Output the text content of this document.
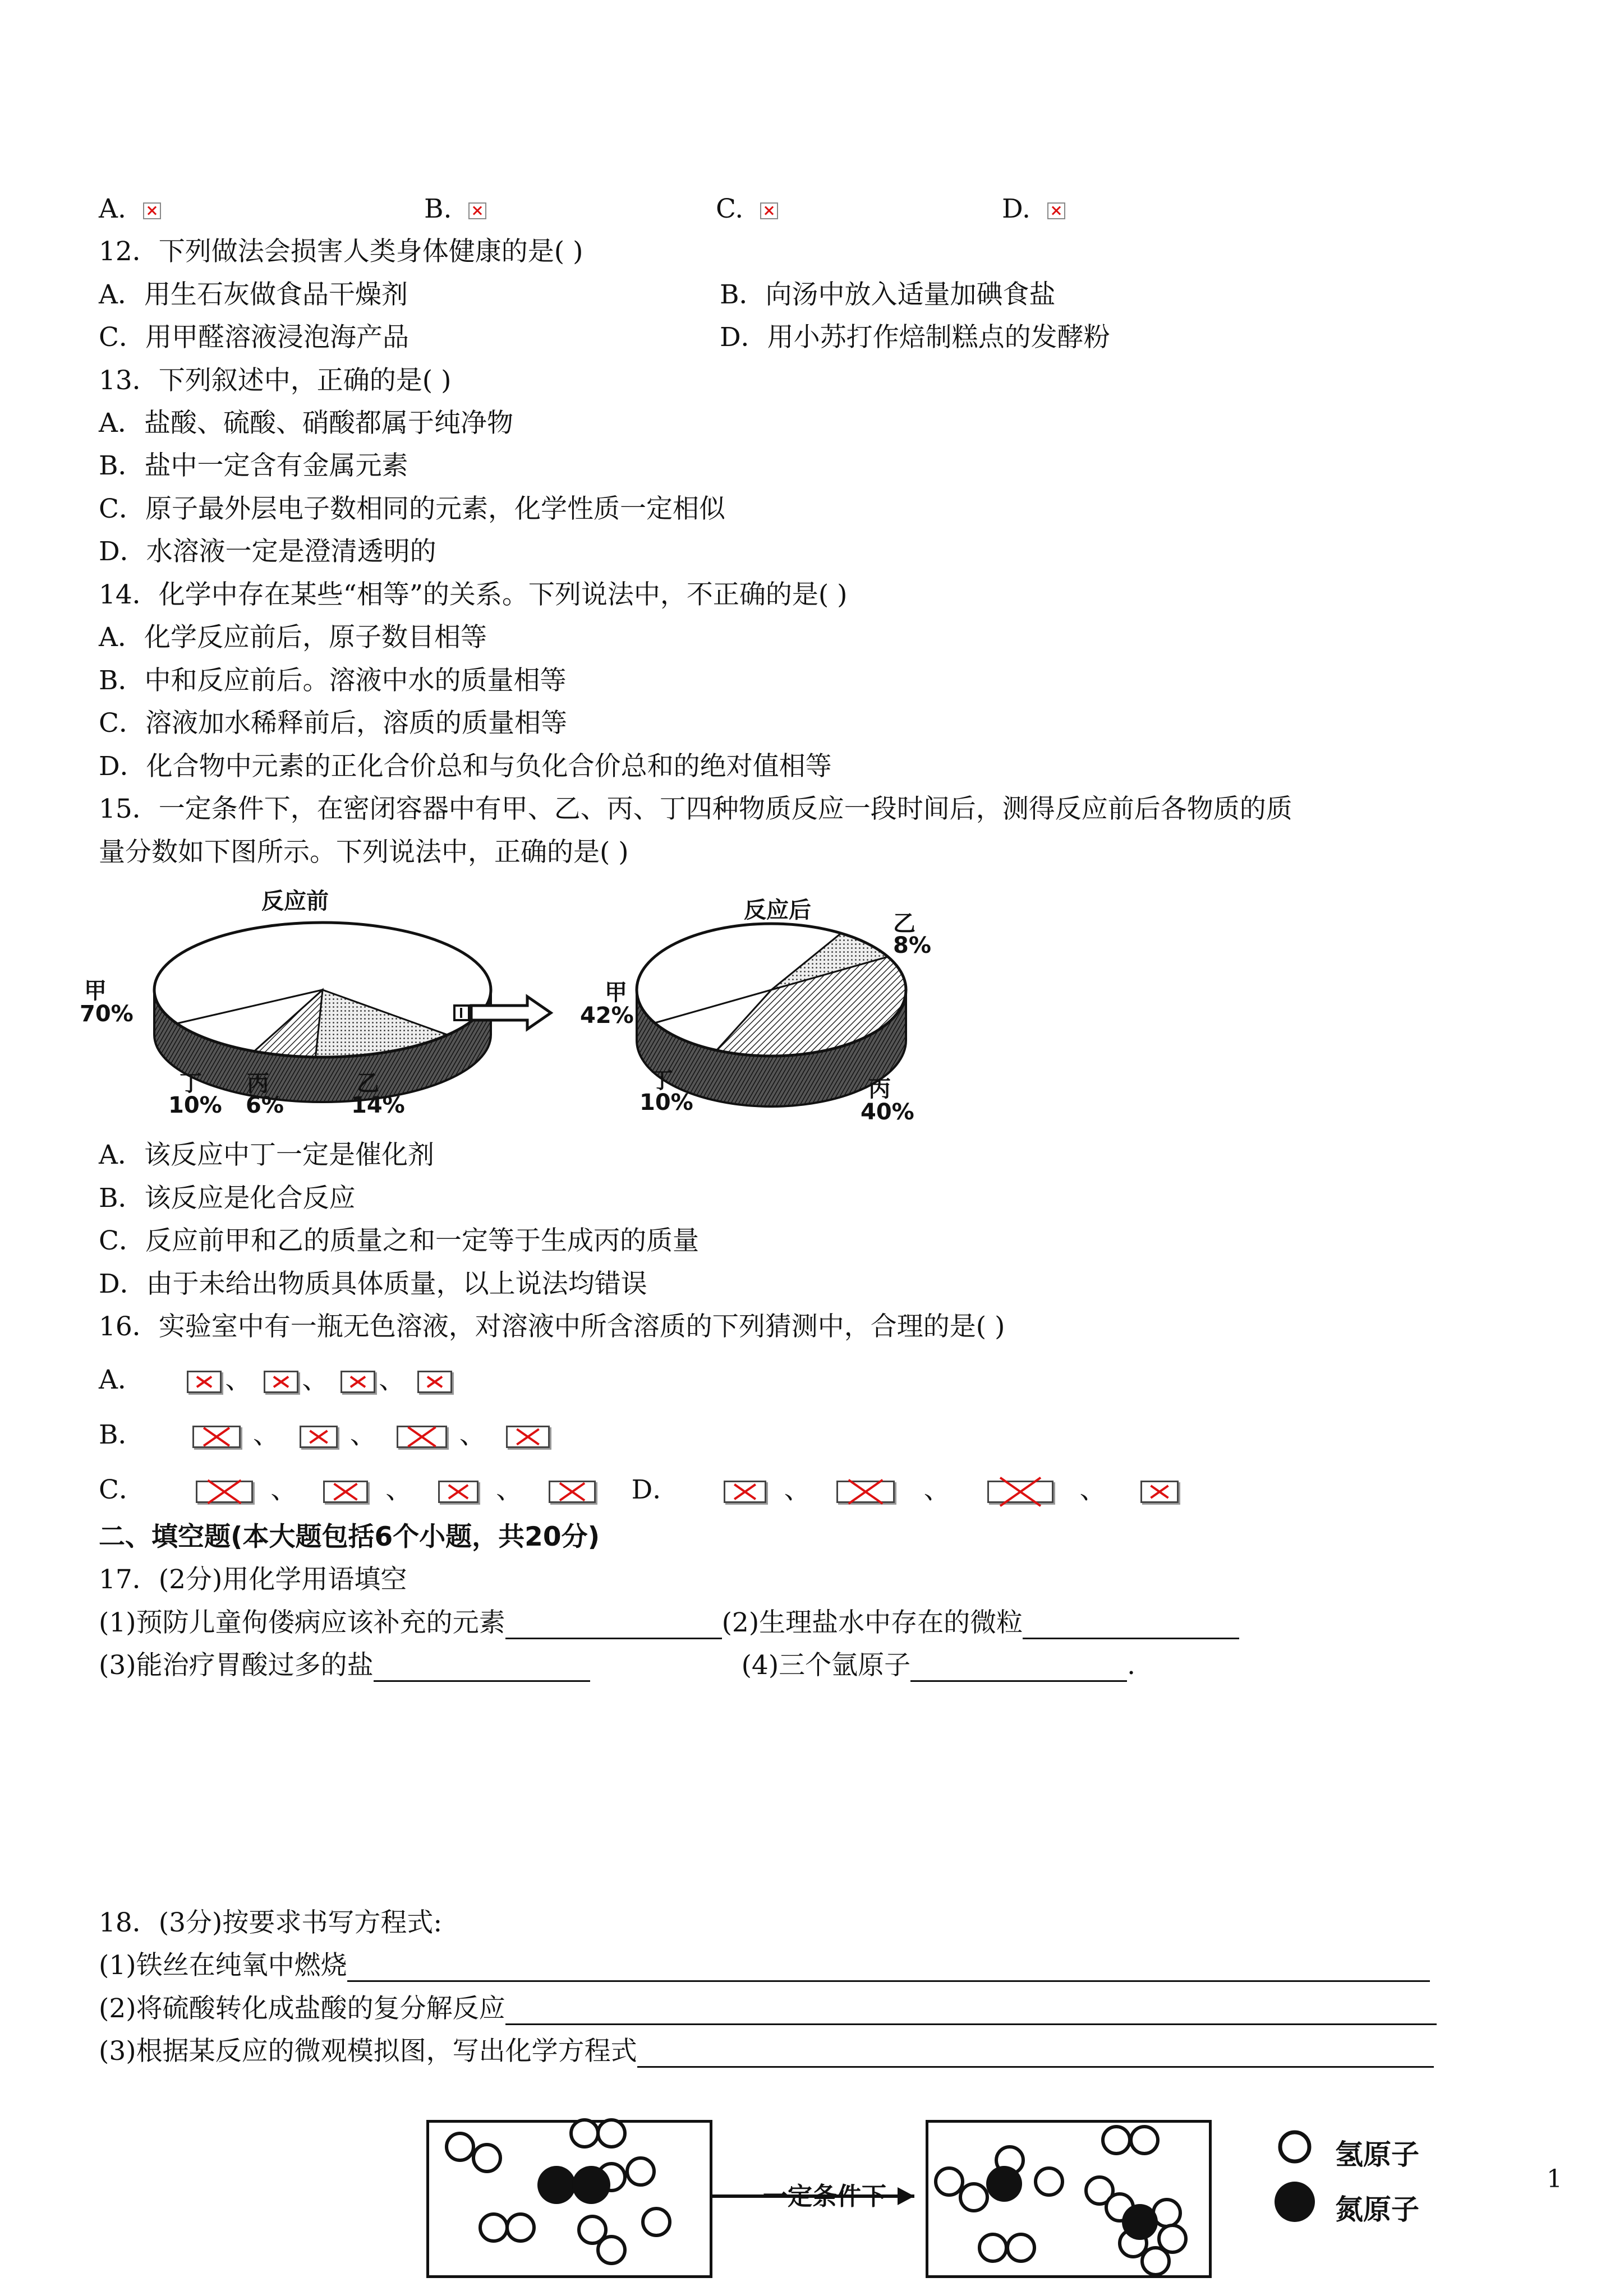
A.	B.	C.	D.
12．下列做法会损害人类身体健康的是( )
A．用生石灰做食品干燥剂	B．向汤中放入适量加碘食盐
C．用甲醛溶液浸泡海产品	D．用小苏打作焙制糕点的发酵粉
13．下列叙述中，正确的是( )
A．盐酸、硫酸、硝酸都属于纯净物
B．盐中一定含有金属元素
C．原子最外层电子数相同的元素，化学性质一定相似
D．水溶液一定是澄清透明的
14．化学中存在某些“相等”的关系。下列说法中，不正确的是( )
A．化学反应前后，原子数目相等
B．中和反应前后。溶液中水的质量相等
C．溶液加水稀释前后，溶质的质量相等
D．化合物中元素的正化合价总和与负化合价总和的绝对值相等
15．一定条件下，在密闭容器中有甲、乙、丙、丁四种物质反应一段时间后，测得反应前后各物质的质
量分数如下图所示。下列说法中，正确的是( )
反应前
甲
70%
丁
10%
丙
6%
乙
14%
反应后
甲
42%
乙
8%
丁
10%
丙
40%
A．该反应中丁一定是催化剂
B．该反应是化合反应
C．反应前甲和乙的质量之和一定等于生成丙的质量
D．由于未给出物质具体质量，以上说法均错误
16．实验室中有一瓶无色溶液，对溶液中所含溶质的下列猜测中，合理的是( )
A．	、 、 、
B．	、	、	、
C．	、	、	、	D．	、	、	、
二、填空题(本大题包括6个小题，共20分)
17．(2分)用化学用语填空
(1)预防儿童佝偻病应该补充的元素	(2)生理盐水中存在的微粒
(3)能治疗胃酸过多的盐	(4)三个氩原子	.
18．(3分)按要求书写方程式:
(1)铁丝在纯氧中燃烧
(2)将硫酸转化成盐酸的复分解反应
(3)根据某反应的微观模拟图，写出化学方程式
一定条件下
氢原子
氮原子
1
